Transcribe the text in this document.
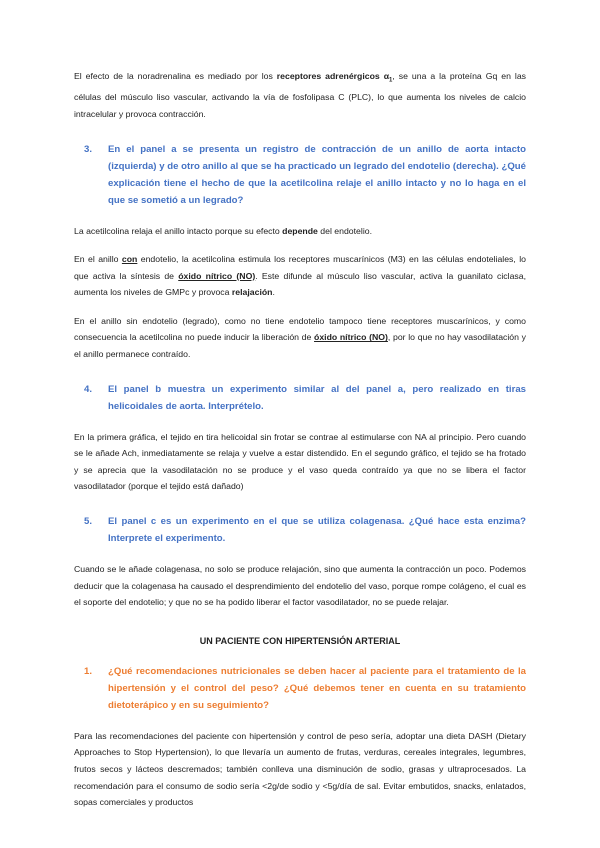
El efecto de la noradrenalina es mediado por los receptores adrenérgicos $\alpha_1$, se una a la proteína Gq en las células del músculo liso vascular, activando la vía de fosfolipasa C (PLC), lo que aumenta los niveles de calcio intracelular y provoca contracción.

3.	En el panel a se presenta un registro de contracción de un anillo de aorta intacto (izquierda) y de otro anillo al que se ha practicado un legrado del endotelio (derecha). ¿Qué explicación tiene el hecho de que la acetilcolina relaje el anillo intacto y no lo haga en el que se sometió a un legrado?

La acetilcolina relaja el anillo intacto porque su efecto depende del endotelio.

En el anillo con endotelio, la acetilcolina estimula los receptores muscarínicos (M3) en las células endoteliales, lo que activa la síntesis de óxido nítrico (NO). Este difunde al músculo liso vascular, activa la guanilato ciclasa, aumenta los niveles de GMPc y provoca relajación.

En el anillo sin endotelio (legrado), como no tiene endotelio tampoco tiene receptores muscarínicos, y como consecuencia la acetilcolina no puede inducir la liberación de óxido nítrico (NO), por lo que no hay vasodilatación y el anillo permanece contraído.

4.	El panel b muestra un experimento similar al del panel a, pero realizado en tiras helicoidales de aorta. Interprételo.

En la primera gráfica, el tejido en tira helicoidal sin frotar se contrae al estimularse con NA al principio. Pero cuando se le añade Ach, inmediatamente se relaja y vuelve a estar distendido. En el segundo gráfico, el tejido se ha frotado y se aprecia que la vasodilatación no se produce y el vaso queda contraído ya que no se libera el factor vasodilatador (porque el tejido está dañado)

5.	El panel c es un experimento en el que se utiliza colagenasa. ¿Qué hace esta enzima? Interprete el experimento.

Cuando se le añade colagenasa, no solo se produce relajación, sino que aumenta la contracción un poco. Podemos deducir que la colagenasa ha causado el desprendimiento del endotelio del vaso, porque rompe colágeno, el cual es el soporte del endotelio; y que no se ha podido liberar el factor vasodilatador, no se puede relajar.

UN PACIENTE CON HIPERTENSIÓN ARTERIAL
1.	¿Qué recomendaciones nutricionales se deben hacer al paciente para el tratamiento de la hipertensión y el control del peso? ¿Qué debemos tener en cuenta en su tratamiento dietoterápico y en su seguimiento?

Para las recomendaciones del paciente con hipertensión y control de peso sería, adoptar una dieta DASH (Dietary Approaches to Stop Hypertension), lo que llevaría un aumento de frutas, verduras, cereales integrales, legumbres, frutos secos y lácteos descremados; también conlleva una disminución de sodio, grasas y ultraprocesados. La recomendación para el consumo de sodio sería <2g/de sodio y <5g/día de sal. Evitar embutidos, snacks, enlatados, sopas comerciales y productos
